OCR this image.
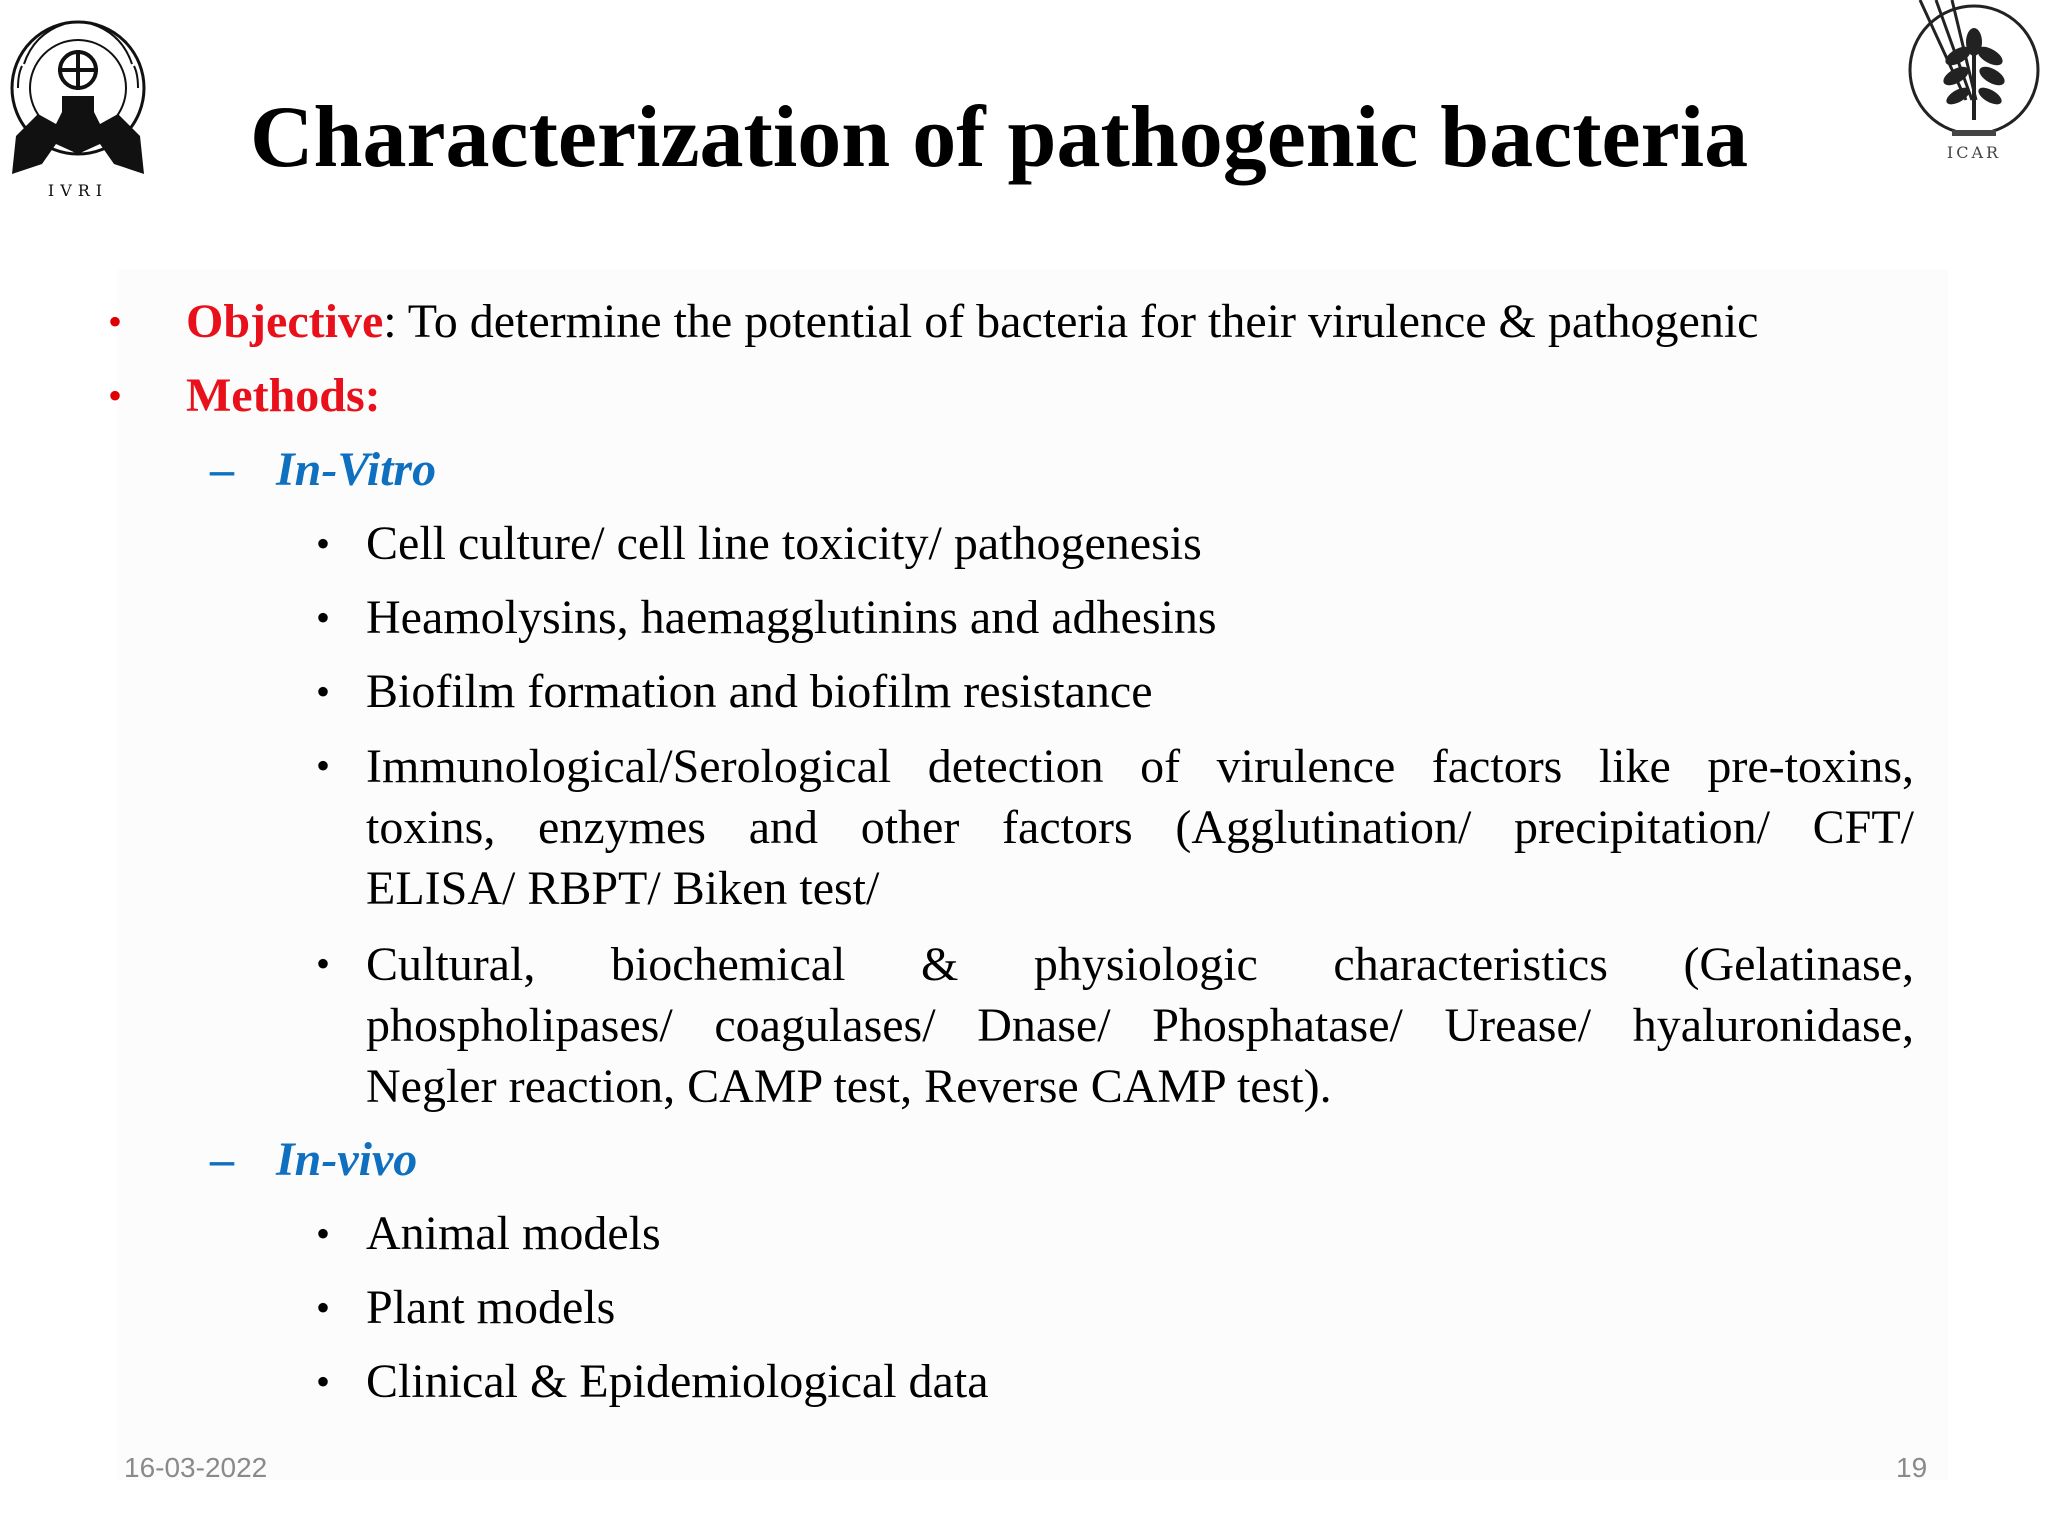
IVRI
ICAR
Characterization of pathogenic bacteria
• Objective: To determine the potential of bacteria for their virulence & pathogenic
• Methods:
– In-Vitro
• Cell culture/ cell line toxicity/ pathogenesis
• Heamolysins, haemagglutinins and adhesins
• Biofilm formation and biofilm resistance
• Immunological/Serological detection of virulence factors like pre-toxins,
toxins, enzymes and other factors (Agglutination/ precipitation/ CFT/
ELISA/ RBPT/ Biken test/
• Cultural, biochemical & physiologic characteristics (Gelatinase,
phospholipases/ coagulases/ Dnase/ Phosphatase/ Urease/ hyaluronidase,
Negler reaction, CAMP test, Reverse CAMP test).
– In-vivo
• Animal models
• Plant models
• Clinical & Epidemiological data
16-03-2022	19
